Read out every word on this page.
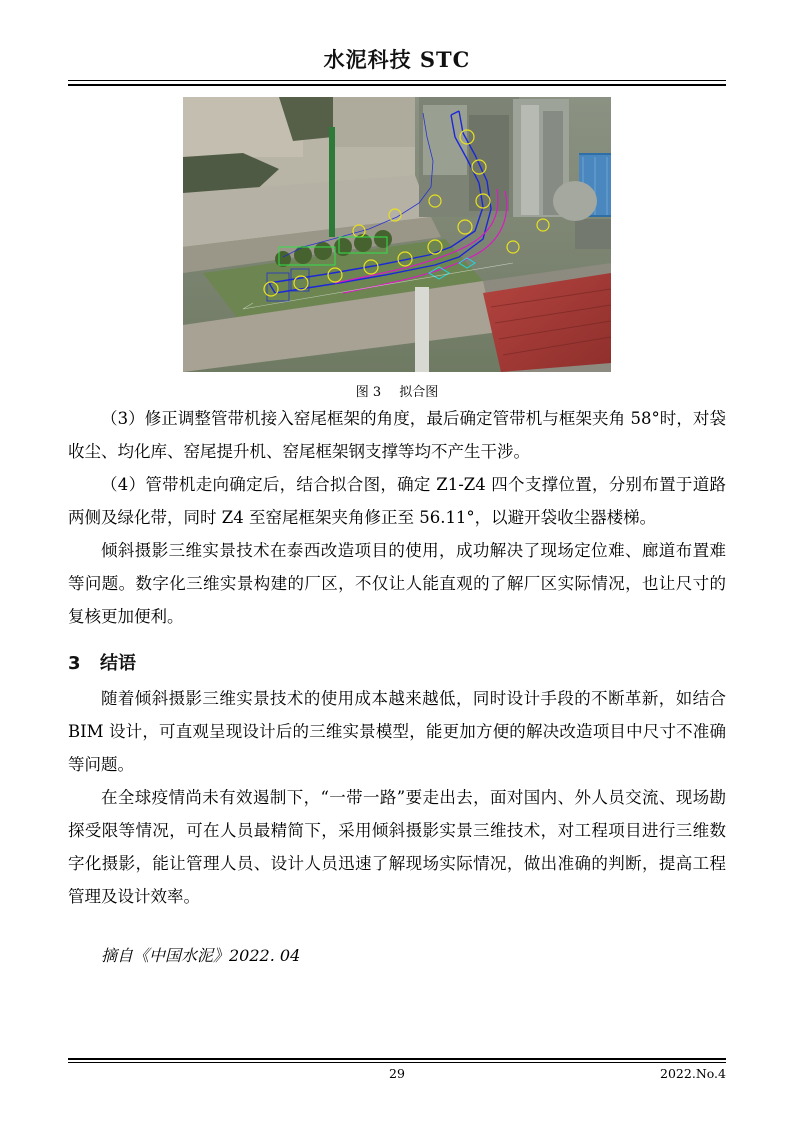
水泥科技 STC
图 3 拟合图

（3）修正调整管带机接入窑尾框架的角度，最后确定管带机与框架夹角 58°时，对袋收尘、均化库、窑尾提升机、窑尾框架钢支撑等均不产生干涉。

（4）管带机走向确定后，结合拟合图，确定 Z1-Z4 四个支撑位置，分别布置于道路两侧及绿化带，同时 Z4 至窑尾框架夹角修正至 56.11°，以避开袋收尘器楼梯。

倾斜摄影三维实景技术在泰西改造项目的使用，成功解决了现场定位难、廊道布置难等问题。数字化三维实景构建的厂区，不仅让人能直观的了解厂区实际情况，也让尺寸的复核更加便利。

3 结语

随着倾斜摄影三维实景技术的使用成本越来越低，同时设计手段的不断革新，如结合 BIM 设计，可直观呈现设计后的三维实景模型，能更加方便的解决改造项目中尺寸不准确等问题。

在全球疫情尚未有效遏制下，“一带一路”要走出去，面对国内、外人员交流、现场勘探受限等情况，可在人员最精简下，采用倾斜摄影实景三维技术，对工程项目进行三维数字化摄影，能让管理人员、设计人员迅速了解现场实际情况，做出准确的判断，提高工程管理及设计效率。

摘自《中国水泥》2022. 04

29	2022.No.4
